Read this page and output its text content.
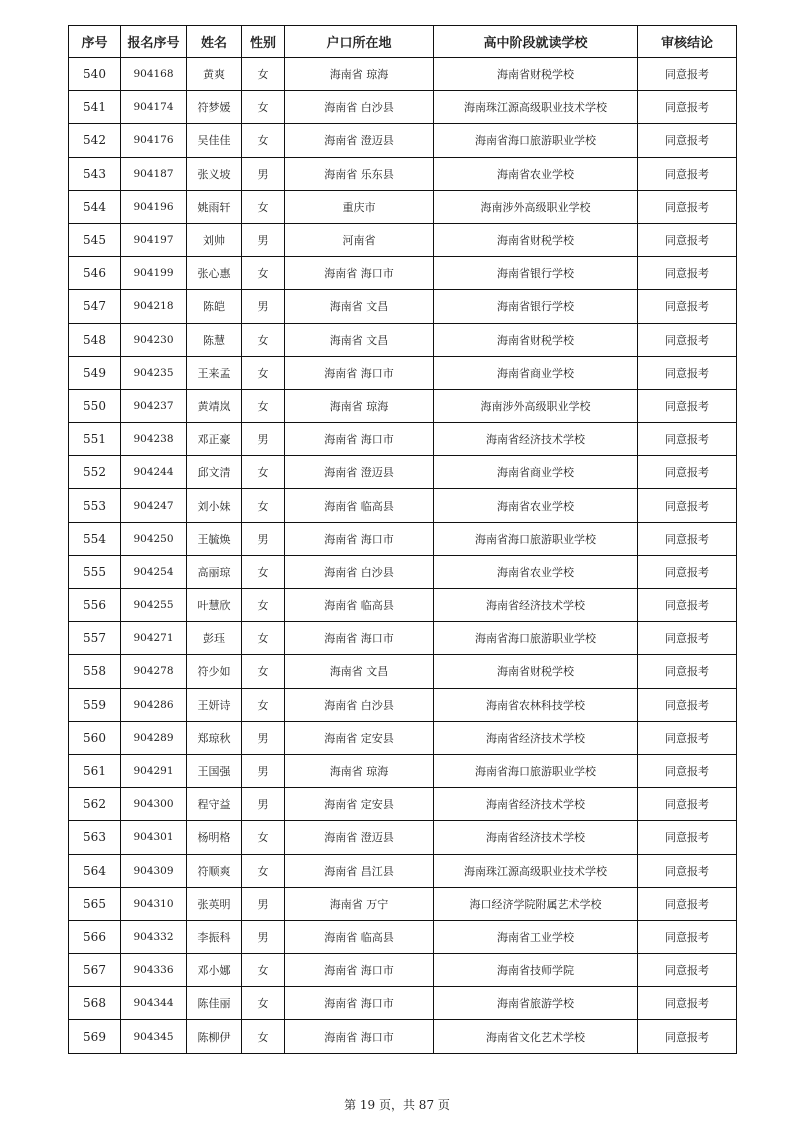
序号	报名序号	姓名	性别	户口所在地	高中阶段就读学校	审核结论
540	904168	黄爽	女	海南省 琼海	海南省财税学校	同意报考
541	904174	符梦媛	女	海南省 白沙县	海南珠江源高级职业技术学校	同意报考
542	904176	吴佳佳	女	海南省 澄迈县	海南省海口旅游职业学校	同意报考
543	904187	张义坡	男	海南省 乐东县	海南省农业学校	同意报考
544	904196	姚雨轩	女	重庆市	海南涉外高级职业学校	同意报考
545	904197	刘帅	男	河南省	海南省财税学校	同意报考
546	904199	张心惠	女	海南省 海口市	海南省银行学校	同意报考
547	904218	陈皑	男	海南省 文昌	海南省银行学校	同意报考
548	904230	陈慧	女	海南省 文昌	海南省财税学校	同意报考
549	904235	王来孟	女	海南省 海口市	海南省商业学校	同意报考
550	904237	黄靖岚	女	海南省 琼海	海南涉外高级职业学校	同意报考
551	904238	邓正豪	男	海南省 海口市	海南省经济技术学校	同意报考
552	904244	邱文清	女	海南省 澄迈县	海南省商业学校	同意报考
553	904247	刘小妹	女	海南省 临高县	海南省农业学校	同意报考
554	904250	王毓焕	男	海南省 海口市	海南省海口旅游职业学校	同意报考
555	904254	高丽琼	女	海南省 白沙县	海南省农业学校	同意报考
556	904255	叶慧欣	女	海南省 临高县	海南省经济技术学校	同意报考
557	904271	彭珏	女	海南省 海口市	海南省海口旅游职业学校	同意报考
558	904278	符少如	女	海南省 文昌	海南省财税学校	同意报考
559	904286	王妍诗	女	海南省 白沙县	海南省农林科技学校	同意报考
560	904289	郑琼秋	男	海南省 定安县	海南省经济技术学校	同意报考
561	904291	王国强	男	海南省 琼海	海南省海口旅游职业学校	同意报考
562	904300	程守益	男	海南省 定安县	海南省经济技术学校	同意报考
563	904301	杨明格	女	海南省 澄迈县	海南省经济技术学校	同意报考
564	904309	符顺爽	女	海南省 昌江县	海南珠江源高级职业技术学校	同意报考
565	904310	张英明	男	海南省 万宁	海口经济学院附属艺术学校	同意报考
566	904332	李振科	男	海南省 临高县	海南省工业学校	同意报考
567	904336	邓小娜	女	海南省 海口市	海南省技师学院	同意报考
568	904344	陈佳丽	女	海南省 海口市	海南省旅游学校	同意报考
569	904345	陈柳伊	女	海南省 海口市	海南省文化艺术学校	同意报考
第 19 页，共 87 页
